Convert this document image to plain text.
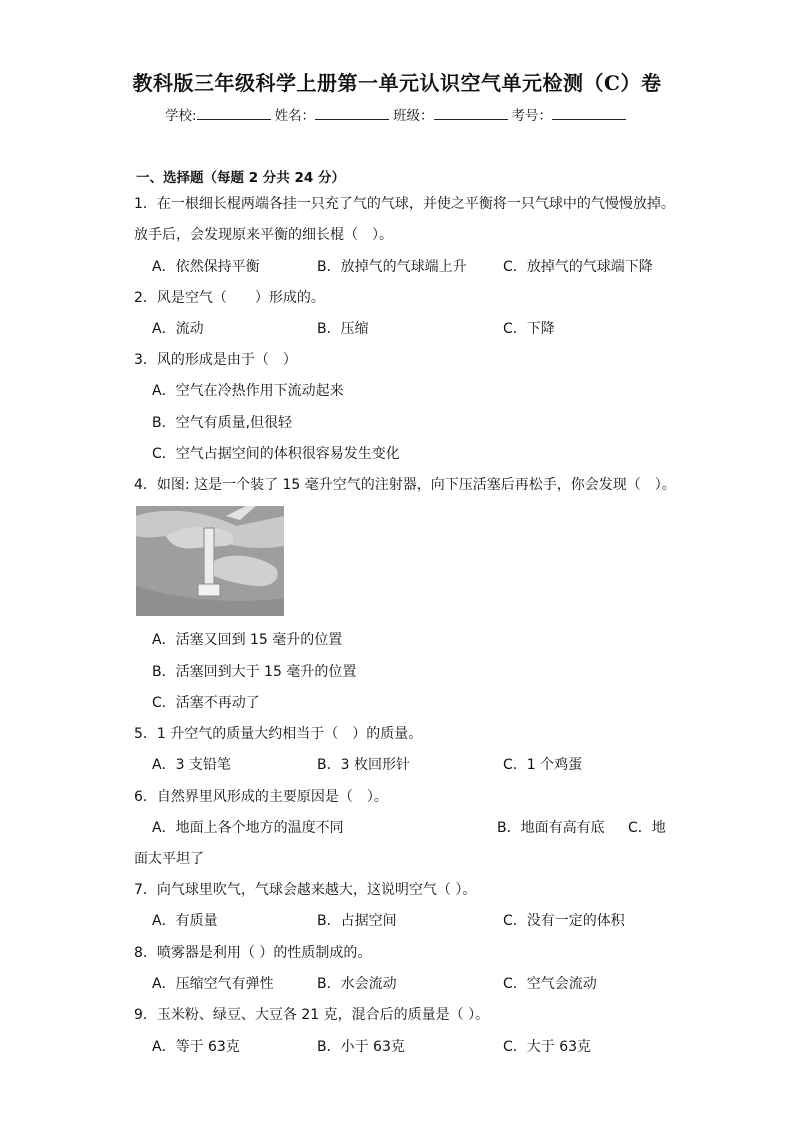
教科版三年级科学上册第一单元认识空气单元检测（C）卷
学校:	姓名：	班级：	考号：
一、选择题（每题 2 分共 24 分）
1．在一根细长棍两端各挂一只充了气的气球，并使之平衡将一只气球中的气慢慢放掉。
放手后，会发现原来平衡的细长棍（　）。
A．依然保持平衡	B．放掉气的气球端上升	C．放掉气的气球端下降
2．风是空气（　　）形成的。
A．流动	B．压缩	C．下降
3．风的形成是由于（　）
A．空气在冷热作用下流动起来
B．空气有质量,但很轻
C．空气占据空间的体积很容易发生变化
4．如图: 这是一个装了 15 毫升空气的注射器，向下压活塞后再松手，你会发现（　）。
A．活塞又回到 15 毫升的位置
B．活塞回到大于 15 毫升的位置
C．活塞不再动了
5．1 升空气的质量大约相当于（　）的质量。
A．3 支铅笔	B．3 枚回形针	C．1 个鸡蛋
6．自然界里风形成的主要原因是（　）。
A．地面上各个地方的温度不同	B．地面有高有底 C．地
面太平坦了
7．向气球里吹气，气球会越来越大，这说明空气（ ）。
A．有质量	B．占据空间	C．没有一定的体积
8．喷雾器是利用（ ）的性质制成的。
A．压缩空气有弹性	B．水会流动	C．空气会流动
9．玉米粉、绿豆、大豆各 21 克，混合后的质量是（ ）。
A．等于 63克	B．小于 63克	C．大于 63克
